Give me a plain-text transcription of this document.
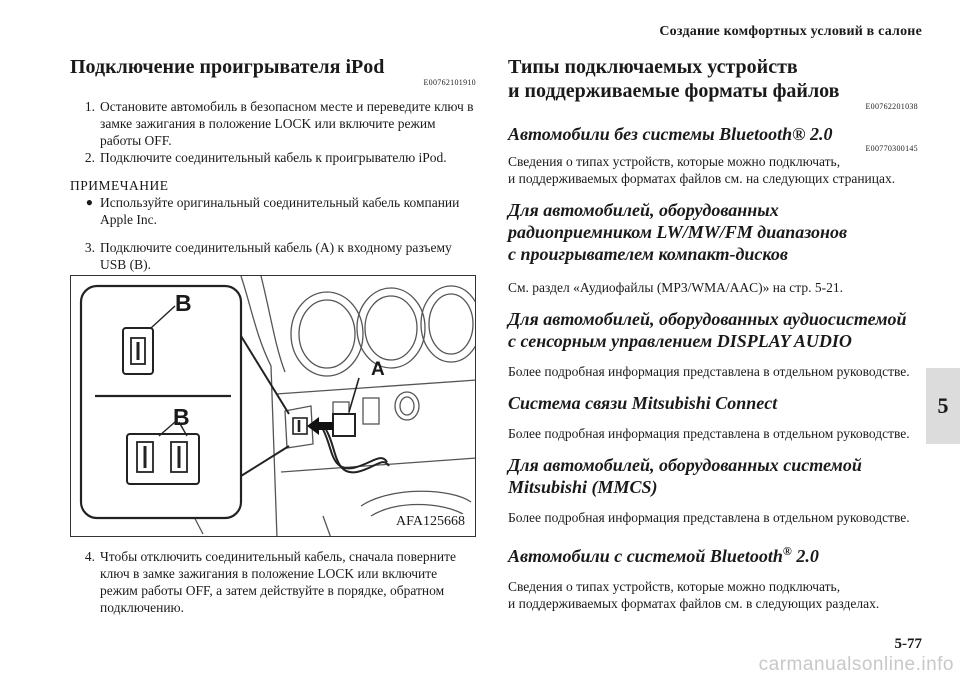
Создание комфортных условий в салоне
5
5-77
carmanualsonline.info
Подключение проигрывателя iPod
E00762101910
1. Остановите автомобиль в безопасном месте и переведите ключ в замке зажигания в положение LOCK или включите режим работы OFF.
2. Подключите соединительный кабель к проигрывателю iPod.
ПРИМЕЧАНИЕ
● Используйте оригинальный соединительный кабель компании Apple Inc.
3. Подключите соединительный кабель (A) к входному разъему USB (B).
B
B
A
AFA125668
4. Чтобы отключить соединительный кабель, сначала поверните ключ в замке зажигания в положение LOCK или включите режим работы OFF, а затем действуйте в порядке, обратном подключению.
Типы подключаемых устройств
и поддерживаемые форматы файлов
E00762201038
Автомобили без системы Bluetooth® 2.0
E00770300145
Сведения о типах устройств, которые можно подключать,
и поддерживаемых форматах файлов см. на следующих страницах.
Для автомобилей, оборудованных
радиоприемником LW/MW/FM диапазонов
с проигрывателем компакт-дисков
См. раздел «Аудиофайлы (MP3/WMA/AAC)» на стр. 5-21.
Для автомобилей, оборудованных аудиосистемой
с сенсорным управлением DISPLAY AUDIO
Более подробная информация представлена в отдельном руководстве.
Система связи Mitsubishi Connect
Более подробная информация представлена в отдельном руководстве.
Для автомобилей, оборудованных системой
Mitsubishi (MMCS)
Более подробная информация представлена в отдельном руководстве.
Автомобили с системой Bluetooth® 2.0
Сведения о типах устройств, которые можно подключать,
и поддерживаемых форматах файлов см. в следующих разделах.
